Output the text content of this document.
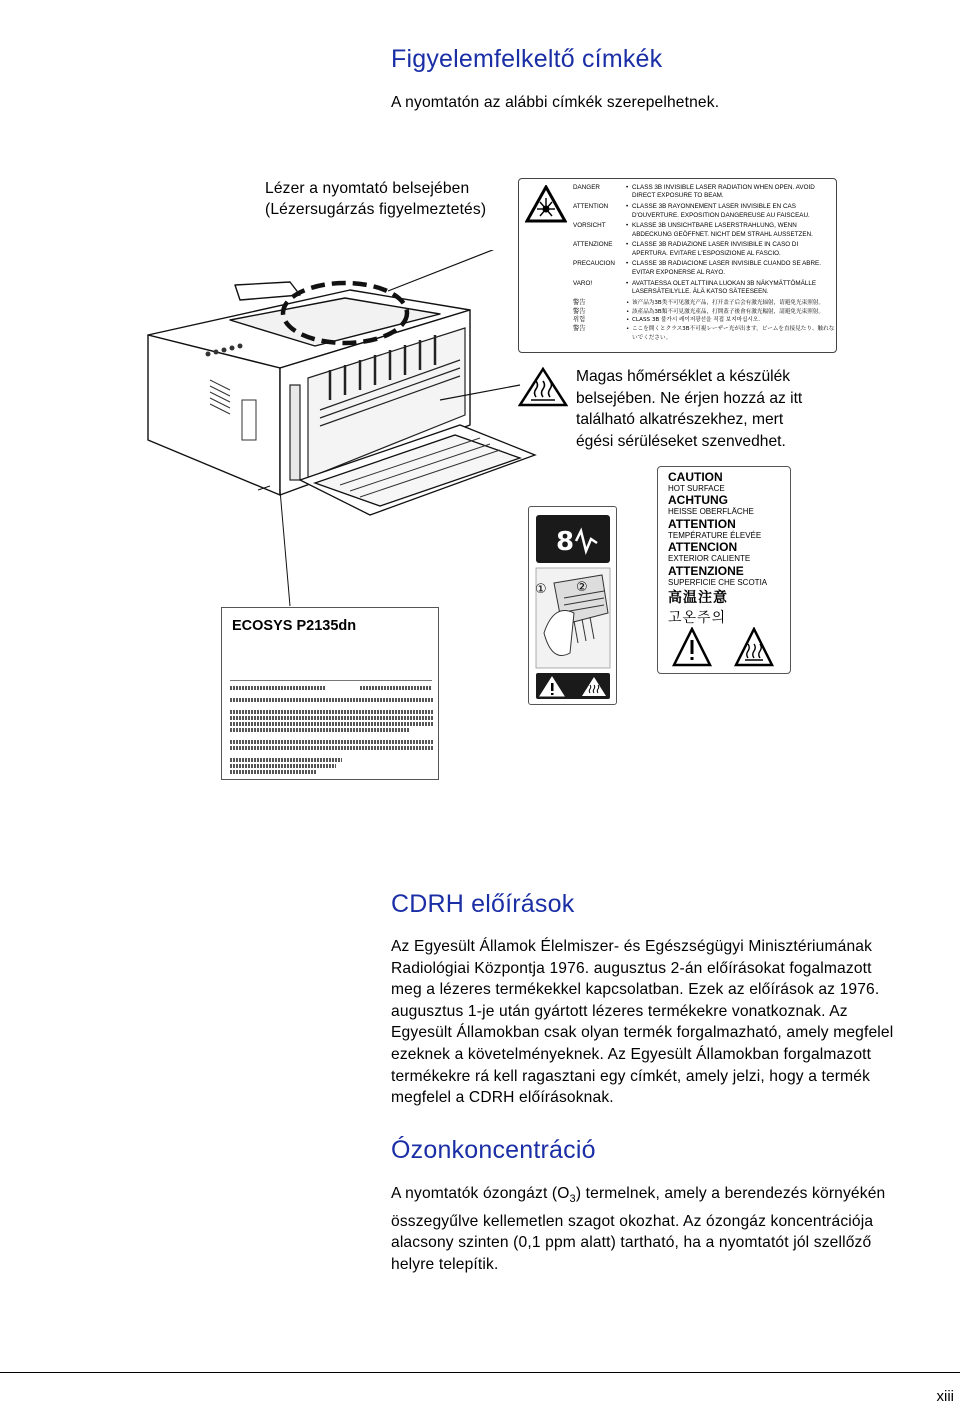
Figyelemfelkeltő címkék
A nyomtatón az alábbi címkék szerepelhetnek.
Lézer a nyomtató belsejében
(Lézersugárzás figyelmeztetés)
DANGER	• CLASS 3B INVISIBLE LASER RADIATION WHEN OPEN. AVOID DIRECT EXPOSURE TO BEAM.
ATTENTION	• CLASSE 3B RAYONNEMENT LASER INVISIBLE EN CAS D'OUVERTURE. EXPOSITION DANGEREUSE AU FAISCEAU.
VORSICHT	• KLASSE 3B UNSICHTBARE LASERSTRAHLUNG, WENN ABDECKUNG GEÖFFNET. NICHT DEM STRAHL AUSSETZEN.
ATTENZIONE	• CLASSE 3B RADIAZIONE LASER INVISIBILE IN CASO DI APERTURA. EVITARE L'ESPOSIZIONE AL FASCIO.
PRECAUCION	• CLASSE 3B RADIACIONE LASER INVISIBLE CUANDO SE ABRE. EVITAR EXPONERSE AL RAYO.
VARO!	• AVATTAESSA OLET ALTTIINA LUOKAN 3B NÄKYMÄTTÖMÄLLE LASERSÄTEILYLLE. ÄLÄ KATSO SÄTEESEEN.
警告	• 该产品为3B类不可见激光产品，打开盖子后会有激光辐射，请避免光束照射。
警告	• 該產品為3B類不可見激光產品，打開蓋子後會有激光輻射，請避免光束照射。
위험	• CLASS 3B 불가시 레이저광선을 직접 보지마십시오.
警告	• ここを開くとクラス3B不可視レーザー光が出ます。ビームを直接見たり、触れないでください。
Magas hőmérséklet a készülék
belsejében. Ne érjen hozzá az itt
található alkatrészekhez, mert
égési sérüléseket szenvedhet.
CAUTION
HOT SURFACE
ACHTUNG
HEISSE OBERFLÄCHE
ATTENTION
TEMPÉRATURE ÉLEVÉE
ATTENCION
EXTERIOR CALIENTE
ATTENZIONE
SUPERFICIE CHE SCOTIA
高温注意
고온주의
8
① ②
ECOSYS P2135dn
CDRH előírások
Az Egyesült Államok Élelmiszer- és Egészségügyi Minisztériumának
Radiológiai Központja 1976. augusztus 2-án előírásokat fogalmazott
meg a lézeres termékekkel kapcsolatban. Ezek az előírások az 1976.
augusztus 1-je után gyártott lézeres termékekre vonatkoznak. Az
Egyesült Államokban csak olyan termék forgalmazható, amely megfelel
ezeknek a követelményeknek. Az Egyesült Államokban forgalmazott
termékekre rá kell ragasztani egy címkét, amely jelzi, hogy a termék
megfelel a CDRH előírásoknak.
Ózonkoncentráció
A nyomtatók ózongázt $(O_3)$ termelnek, amely a berendezés környékén
összegyűlve kellemetlen szagot okozhat. Az ózongáz koncentrációja
alacsony szinten (0,1 ppm alatt) tartható, ha a nyomtatót jól szellőző
helyre telepítik.
xiii
